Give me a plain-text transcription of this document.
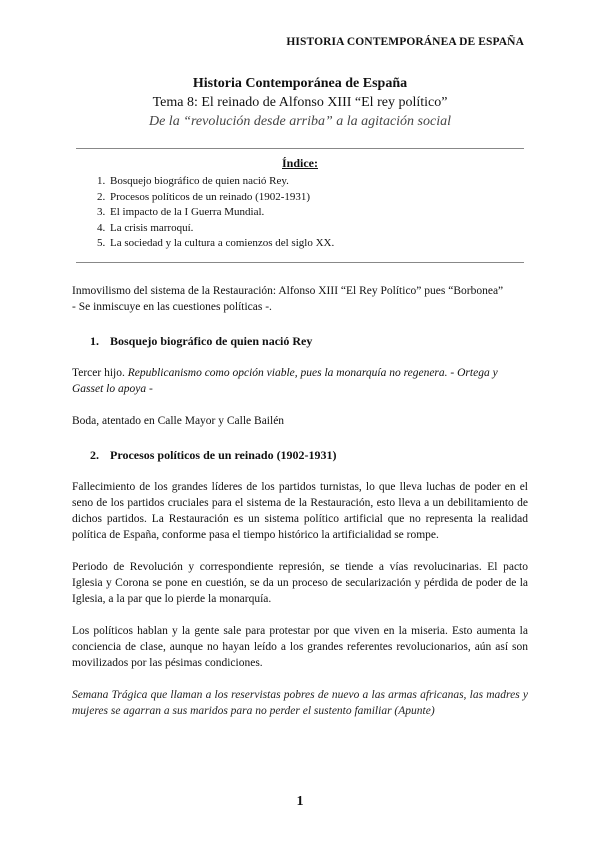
HISTORIA CONTEMPORÁNEA DE ESPAÑA
Historia Contemporánea de España
Tema 8: El reinado de Alfonso XIII “El rey político”
De la “revolución desde arriba” a la agitación social
Índice:
1. Bosquejo biográfico de quien nació Rey.
2. Procesos políticos de un reinado (1902-1931)
3. El impacto de la I Guerra Mundial.
4. La crisis marroquí.
5. La sociedad y la cultura a comienzos del siglo XX.

Inmovilismo del sistema de la Restauración: Alfonso XIII “El Rey Político” pues “Borbonea”

- Se inmiscuye en las cuestiones políticas -.

1. Bosquejo biográfico de quien nació Rey

Tercer hijo. Republicanismo como opción viable, pues la monarquía no regenera. - Ortega y Gasset lo apoya -

Boda, atentado en Calle Mayor y Calle Bailén

2. Procesos políticos de un reinado (1902-1931)

Fallecimiento de los grandes líderes de los partidos turnistas, lo que lleva luchas de poder en el seno de los partidos cruciales para el sistema de la Restauración, esto lleva a un debilitamiento de dichos partidos. La Restauración es un sistema político artificial que no representa la realidad política de España, conforme pasa el tiempo histórico la artificialidad se rompe.

Periodo de Revolución y correspondiente represión, se tiende a vías revolucinarias. El pacto Iglesia y Corona se pone en cuestión, se da un proceso de secularización y pérdida de poder de la Iglesia, a la par que lo pierde la monarquía.

Los políticos hablan y la gente sale para protestar por que viven en la miseria. Esto aumenta la conciencia de clase, aunque no hayan leído a los grandes referentes revolucionarios, aún así son movilizados por las pésimas condiciones.

Semana Trágica que llaman a los reservistas pobres de nuevo a las armas africanas, las madres y mujeres se agarran a sus maridos para no perder el sustento familiar (Apunte)

1
